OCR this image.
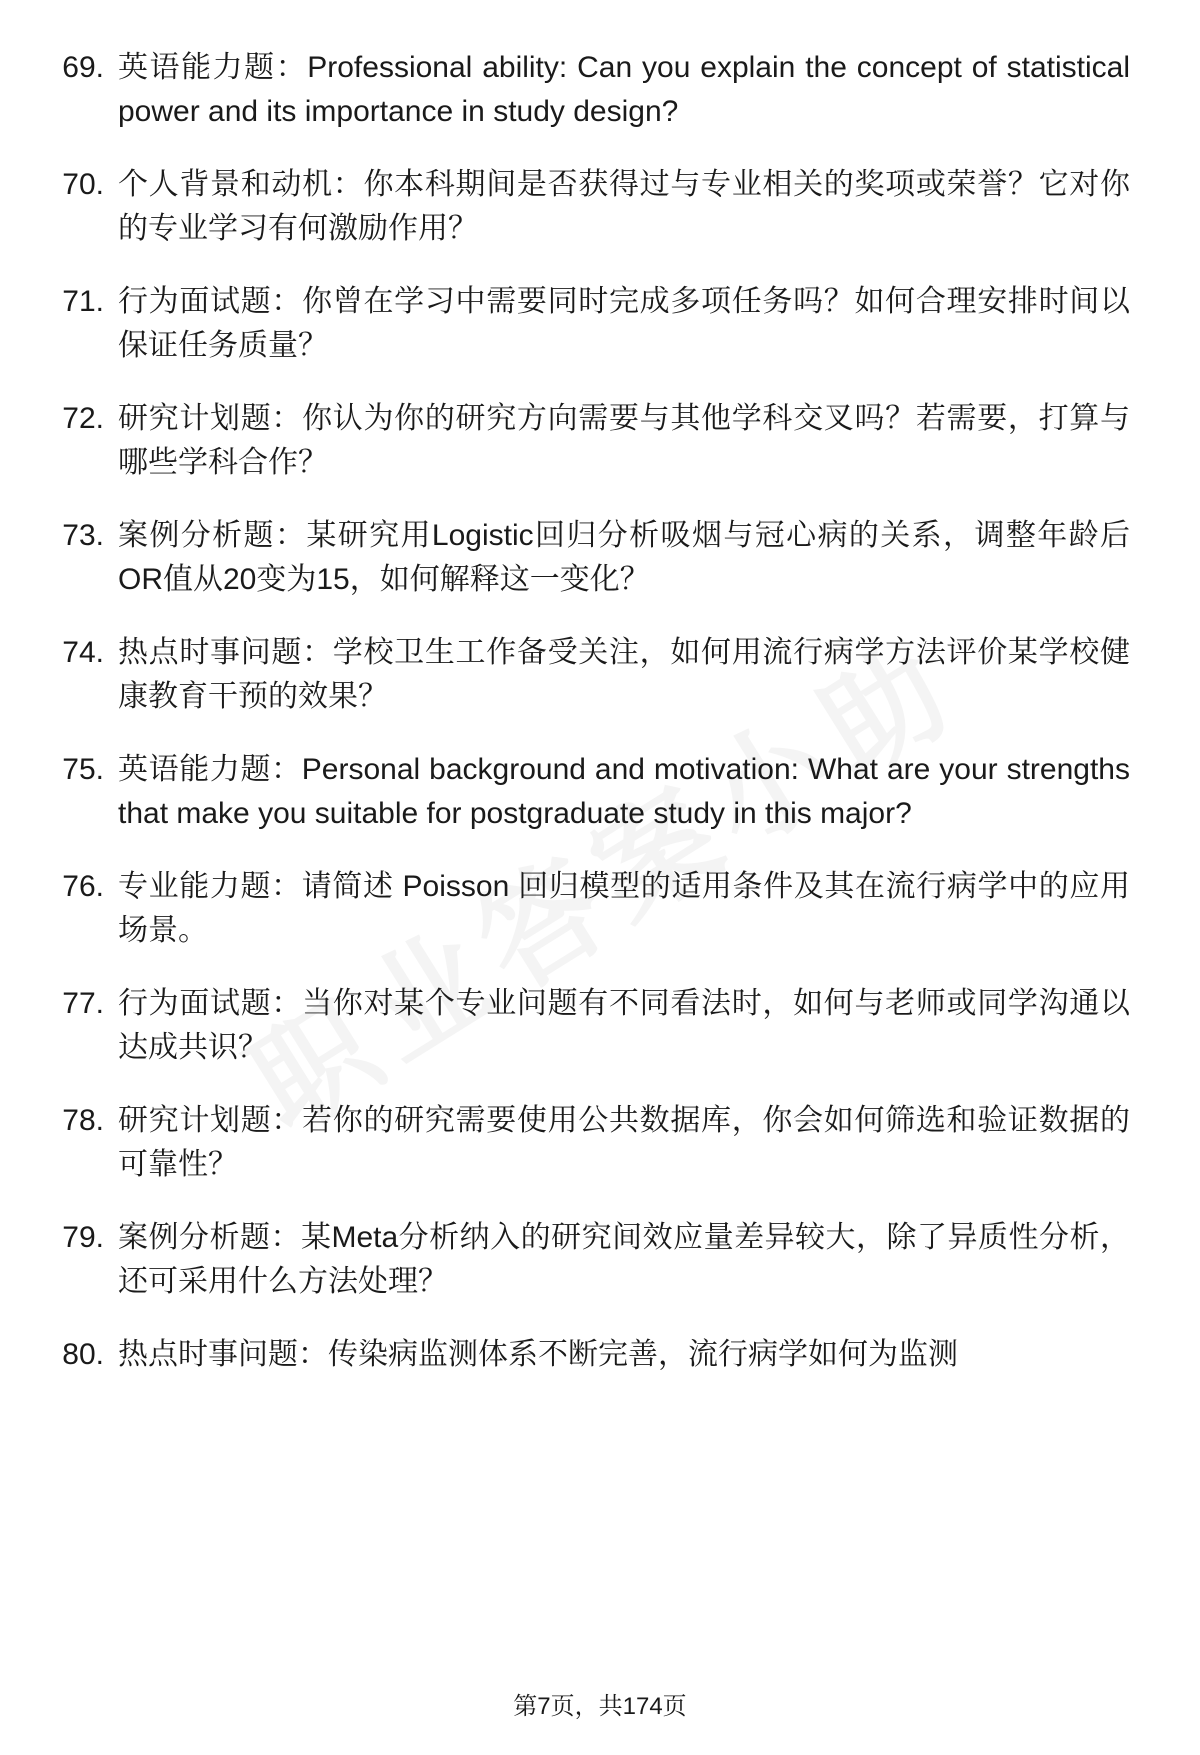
69. 英语能力题：Professional ability: Can you explain the concept of statistical power and its importance in study design?
70. 个人背景和动机：你本科期间是否获得过与专业相关的奖项或荣誉？它对你的专业学习有何激励作用？
71. 行为面试题：你曾在学习中需要同时完成多项任务吗？如何合理安排时间以保证任务质量？
72. 研究计划题：你认为你的研究方向需要与其他学科交叉吗？若需要，打算与哪些学科合作？
73. 案例分析题：某研究用Logistic回归分析吸烟与冠心病的关系，调整年龄后OR值从20变为15，如何解释这一变化？
74. 热点时事问题：学校卫生工作备受关注，如何用流行病学方法评价某学校健康教育干预的效果？
75. 英语能力题：Personal background and motivation: What are your strengths that make you suitable for postgraduate study in this major?
76. 专业能力题：请简述 Poisson 回归模型的适用条件及其在流行病学中的应用场景。
77. 行为面试题：当你对某个专业问题有不同看法时，如何与老师或同学沟通以达成共识？
78. 研究计划题：若你的研究需要使用公共数据库，你会如何筛选和验证数据的可靠性？
79. 案例分析题：某Meta分析纳入的研究间效应量差异较大，除了异质性分析，还可采用什么方法处理？
80. 热点时事问题：传染病监测体系不断完善，流行病学如何为监测
第7页，共174页
